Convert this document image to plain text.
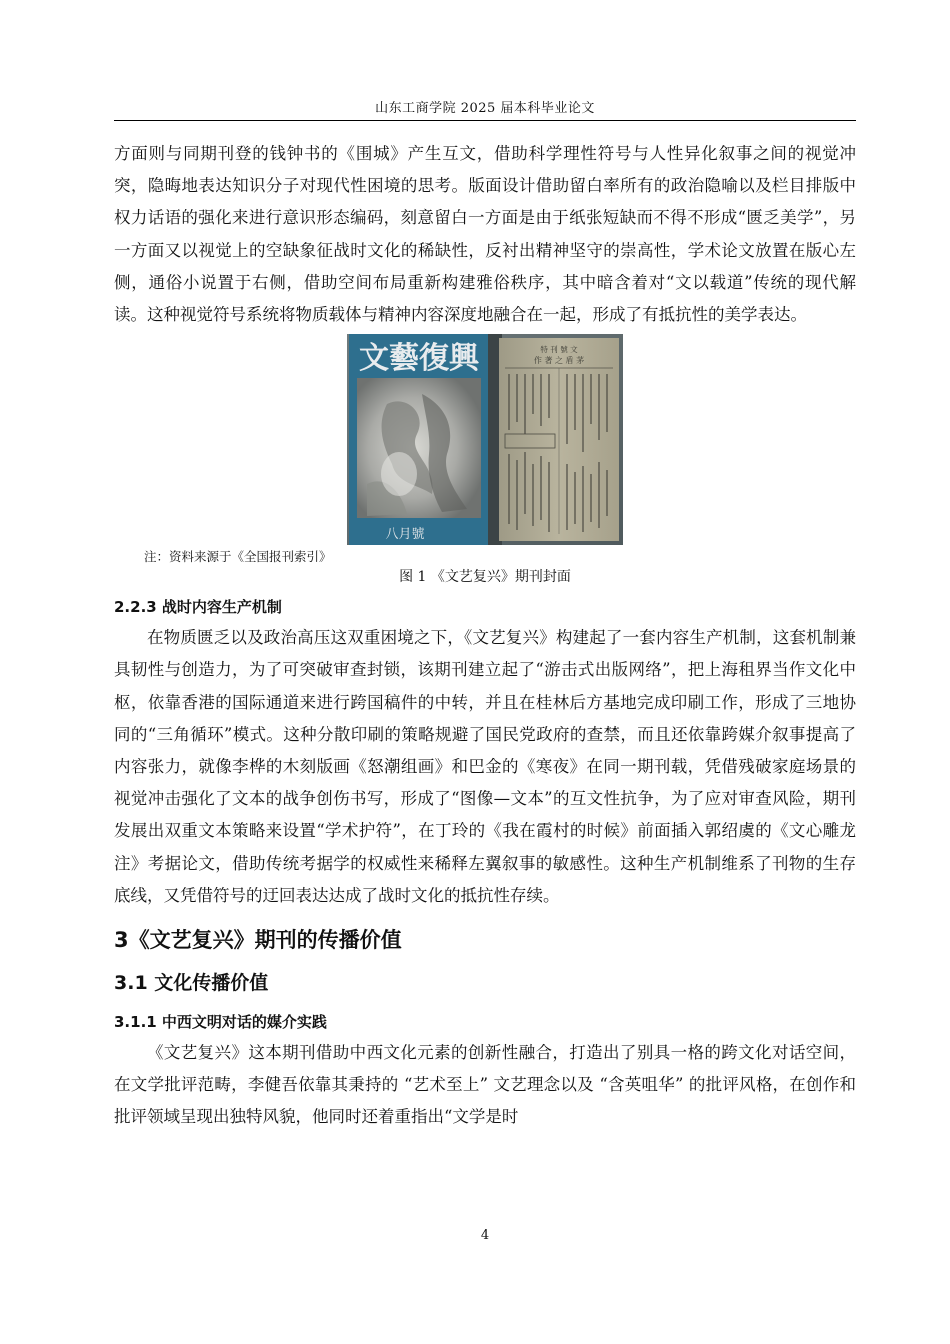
山东工商学院 2025 届本科毕业论文

方面则与同期刊登的钱钟书的《围城》产生互文，借助科学理性符号与人性异化叙事之间的视觉冲突，隐晦地表达知识分子对现代性困境的思考。版面设计借助留白率所有的政治隐喻以及栏目排版中权力话语的强化来进行意识形态编码，刻意留白一方面是由于纸张短缺而不得不形成“匮乏美学”，另一方面又以视觉上的空缺象征战时文化的稀缺性，反衬出精神坚守的崇高性，学术论文放置在版心左侧，通俗小说置于右侧，借助空间布局重新构建雅俗秩序，其中暗含着对“文以载道”传统的现代解读。这种视觉符号系统将物质载体与精神内容深度地融合在一起，形成了有抵抗性的美学表达。

文藝復興
八月號
特 刊 號 文
作 著 之 盾 茅

注：资料来源于《全国报刊索引》

图 1 《文艺复兴》期刊封面

2.2.3 战时内容生产机制

在物质匮乏以及政治高压这双重困境之下，《文艺复兴》构建起了一套内容生产机制，这套机制兼具韧性与创造力，为了可突破审查封锁，该期刊建立起了“游击式出版网络”，把上海租界当作文化中枢，依靠香港的国际通道来进行跨国稿件的中转，并且在桂林后方基地完成印刷工作，形成了三地协同的“三角循环”模式。这种分散印刷的策略规避了国民党政府的查禁，而且还依靠跨媒介叙事提高了内容张力，就像李桦的木刻版画《怒潮组画》和巴金的《寒夜》在同一期刊载，凭借残破家庭场景的视觉冲击强化了文本的战争创伤书写，形成了“图像—文本”的互文性抗争，为了应对审查风险，期刊发展出双重文本策略来设置“学术护符”，在丁玲的《我在霞村的时候》前面插入郭绍虞的《文心雕龙注》考据论文，借助传统考据学的权威性来稀释左翼叙事的敏感性。这种生产机制维系了刊物的生存底线，又凭借符号的迂回表达达成了战时文化的抵抗性存续。

3《文艺复兴》期刊的传播价值
3.1 文化传播价值
3.1.1 中西文明对话的媒介实践

《文艺复兴》这本期刊借助中西文化元素的创新性融合，打造出了别具一格的跨文化对话空间，在文学批评范畴，李健吾依靠其秉持的 “艺术至上” 文艺理念以及 “含英咀华” 的批评风格，在创作和批评领域呈现出独特风貌，他同时还着重指出“文学是时

4
